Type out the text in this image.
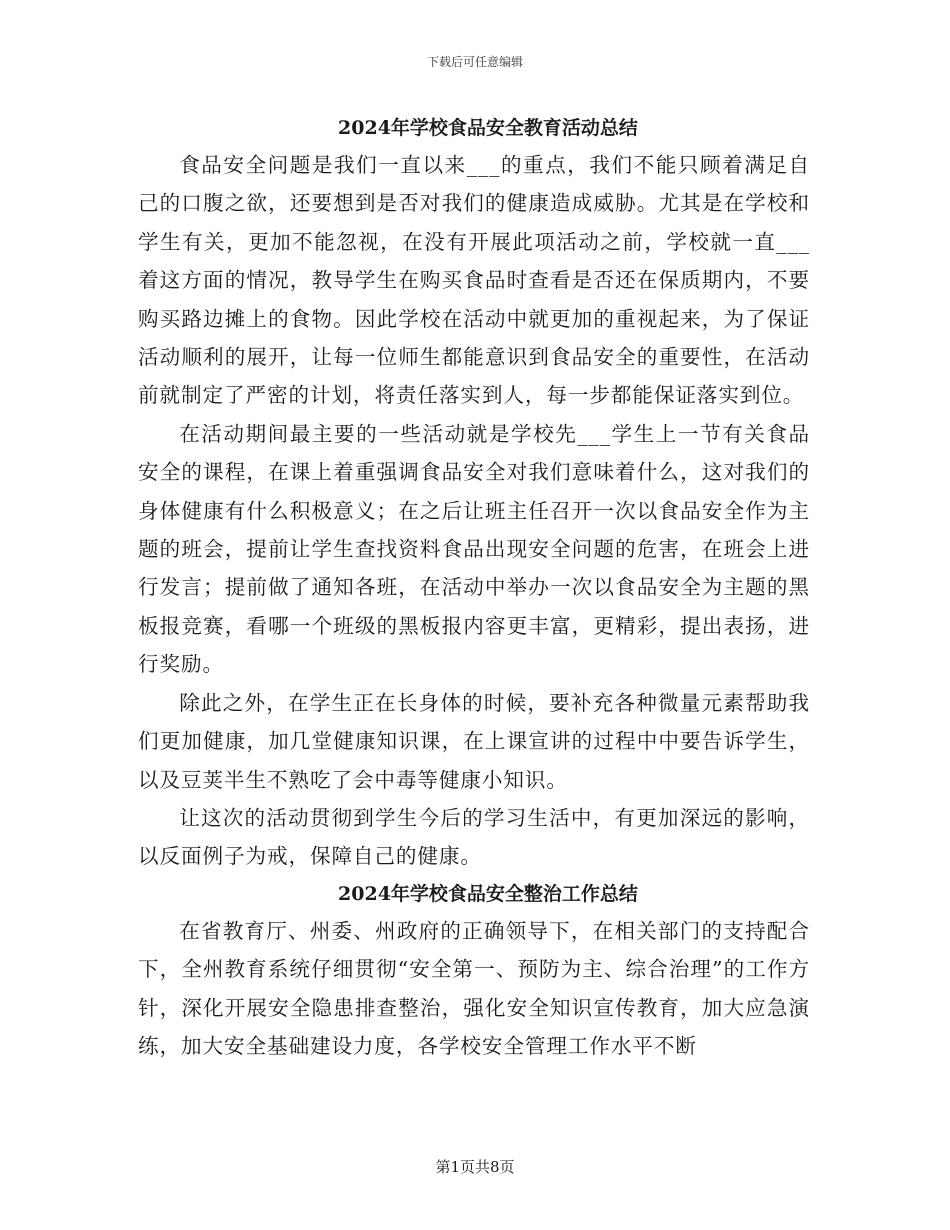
下载后可任意编辑
2024年学校食品安全教育活动总结

食品安全问题是我们一直以来___的重点，我们不能只顾着满足自己的口腹之欲，还要想到是否对我们的健康造成威胁。尤其是在学校和学生有关，更加不能忽视，在没有开展此项活动之前，学校就一直___着这方面的情况，教导学生在购买食品时查看是否还在保质期内，不要购买路边摊上的食物。因此学校在活动中就更加的重视起来，为了保证活动顺利的展开，让每一位师生都能意识到食品安全的重要性，在活动前就制定了严密的计划，将责任落实到人，每一步都能保证落实到位。

在活动期间最主要的一些活动就是学校先___学生上一节有关食品安全的课程，在课上着重强调食品安全对我们意味着什么，这对我们的身体健康有什么积极意义；在之后让班主任召开一次以食品安全作为主题的班会，提前让学生查找资料食品出现安全问题的危害，在班会上进行发言；提前做了通知各班，在活动中举办一次以食品安全为主题的黑板报竞赛，看哪一个班级的黑板报内容更丰富，更精彩，提出表扬，进行奖励。

除此之外，在学生正在长身体的时候，要补充各种微量元素帮助我们更加健康，加几堂健康知识课，在上课宣讲的过程中中要告诉学生，以及豆荚半生不熟吃了会中毒等健康小知识。

让这次的活动贯彻到学生今后的学习生活中，有更加深远的影响，以反面例子为戒，保障自己的健康。

2024年学校食品安全整治工作总结

在省教育厅、州委、州政府的正确领导下，在相关部门的支持配合下，全州教育系统仔细贯彻“安全第一、预防为主、综合治理”的工作方针，深化开展安全隐患排查整治，强化安全知识宣传教育，加大应急演练，加大安全基础建设力度，各学校安全管理工作水平不断

第1页共8页
